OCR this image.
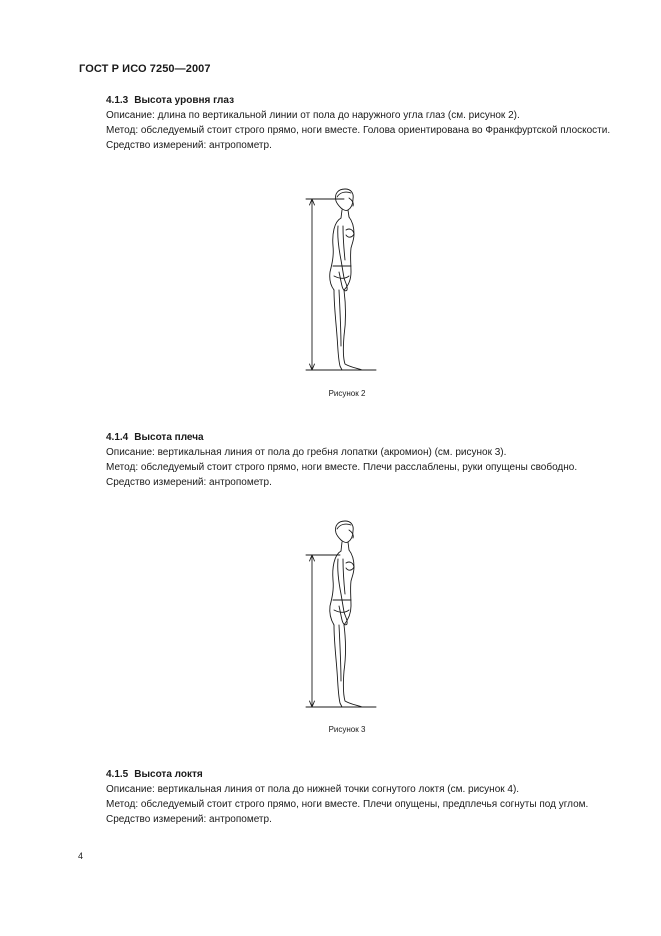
ГОСТ Р ИСО 7250—2007

4.1.3 Высота уровня глаз

Описание: длина по вертикальной линии от пола до наружного угла глаз (см. рисунок 2).

Метод: обследуемый стоит строго прямо, ноги вместе. Голова ориентирована во Франкфуртской плоскости.

Средство измерений: антропометр.

Рисунок 2

4.1.4 Высота плеча

Описание: вертикальная линия от пола до гребня лопатки (акромион) (см. рисунок 3).

Метод: обследуемый стоит строго прямо, ноги вместе. Плечи расслаблены, руки опущены свободно.

Средство измерений: антропометр.

Рисунок 3

4.1.5 Высота локтя

Описание: вертикальная линия от пола до нижней точки согнутого локтя (см. рисунок 4).

Метод: обследуемый стоит строго прямо, ноги вместе. Плечи опущены, предплечья согнуты под углом.

Средство измерений: антропометр.

4
